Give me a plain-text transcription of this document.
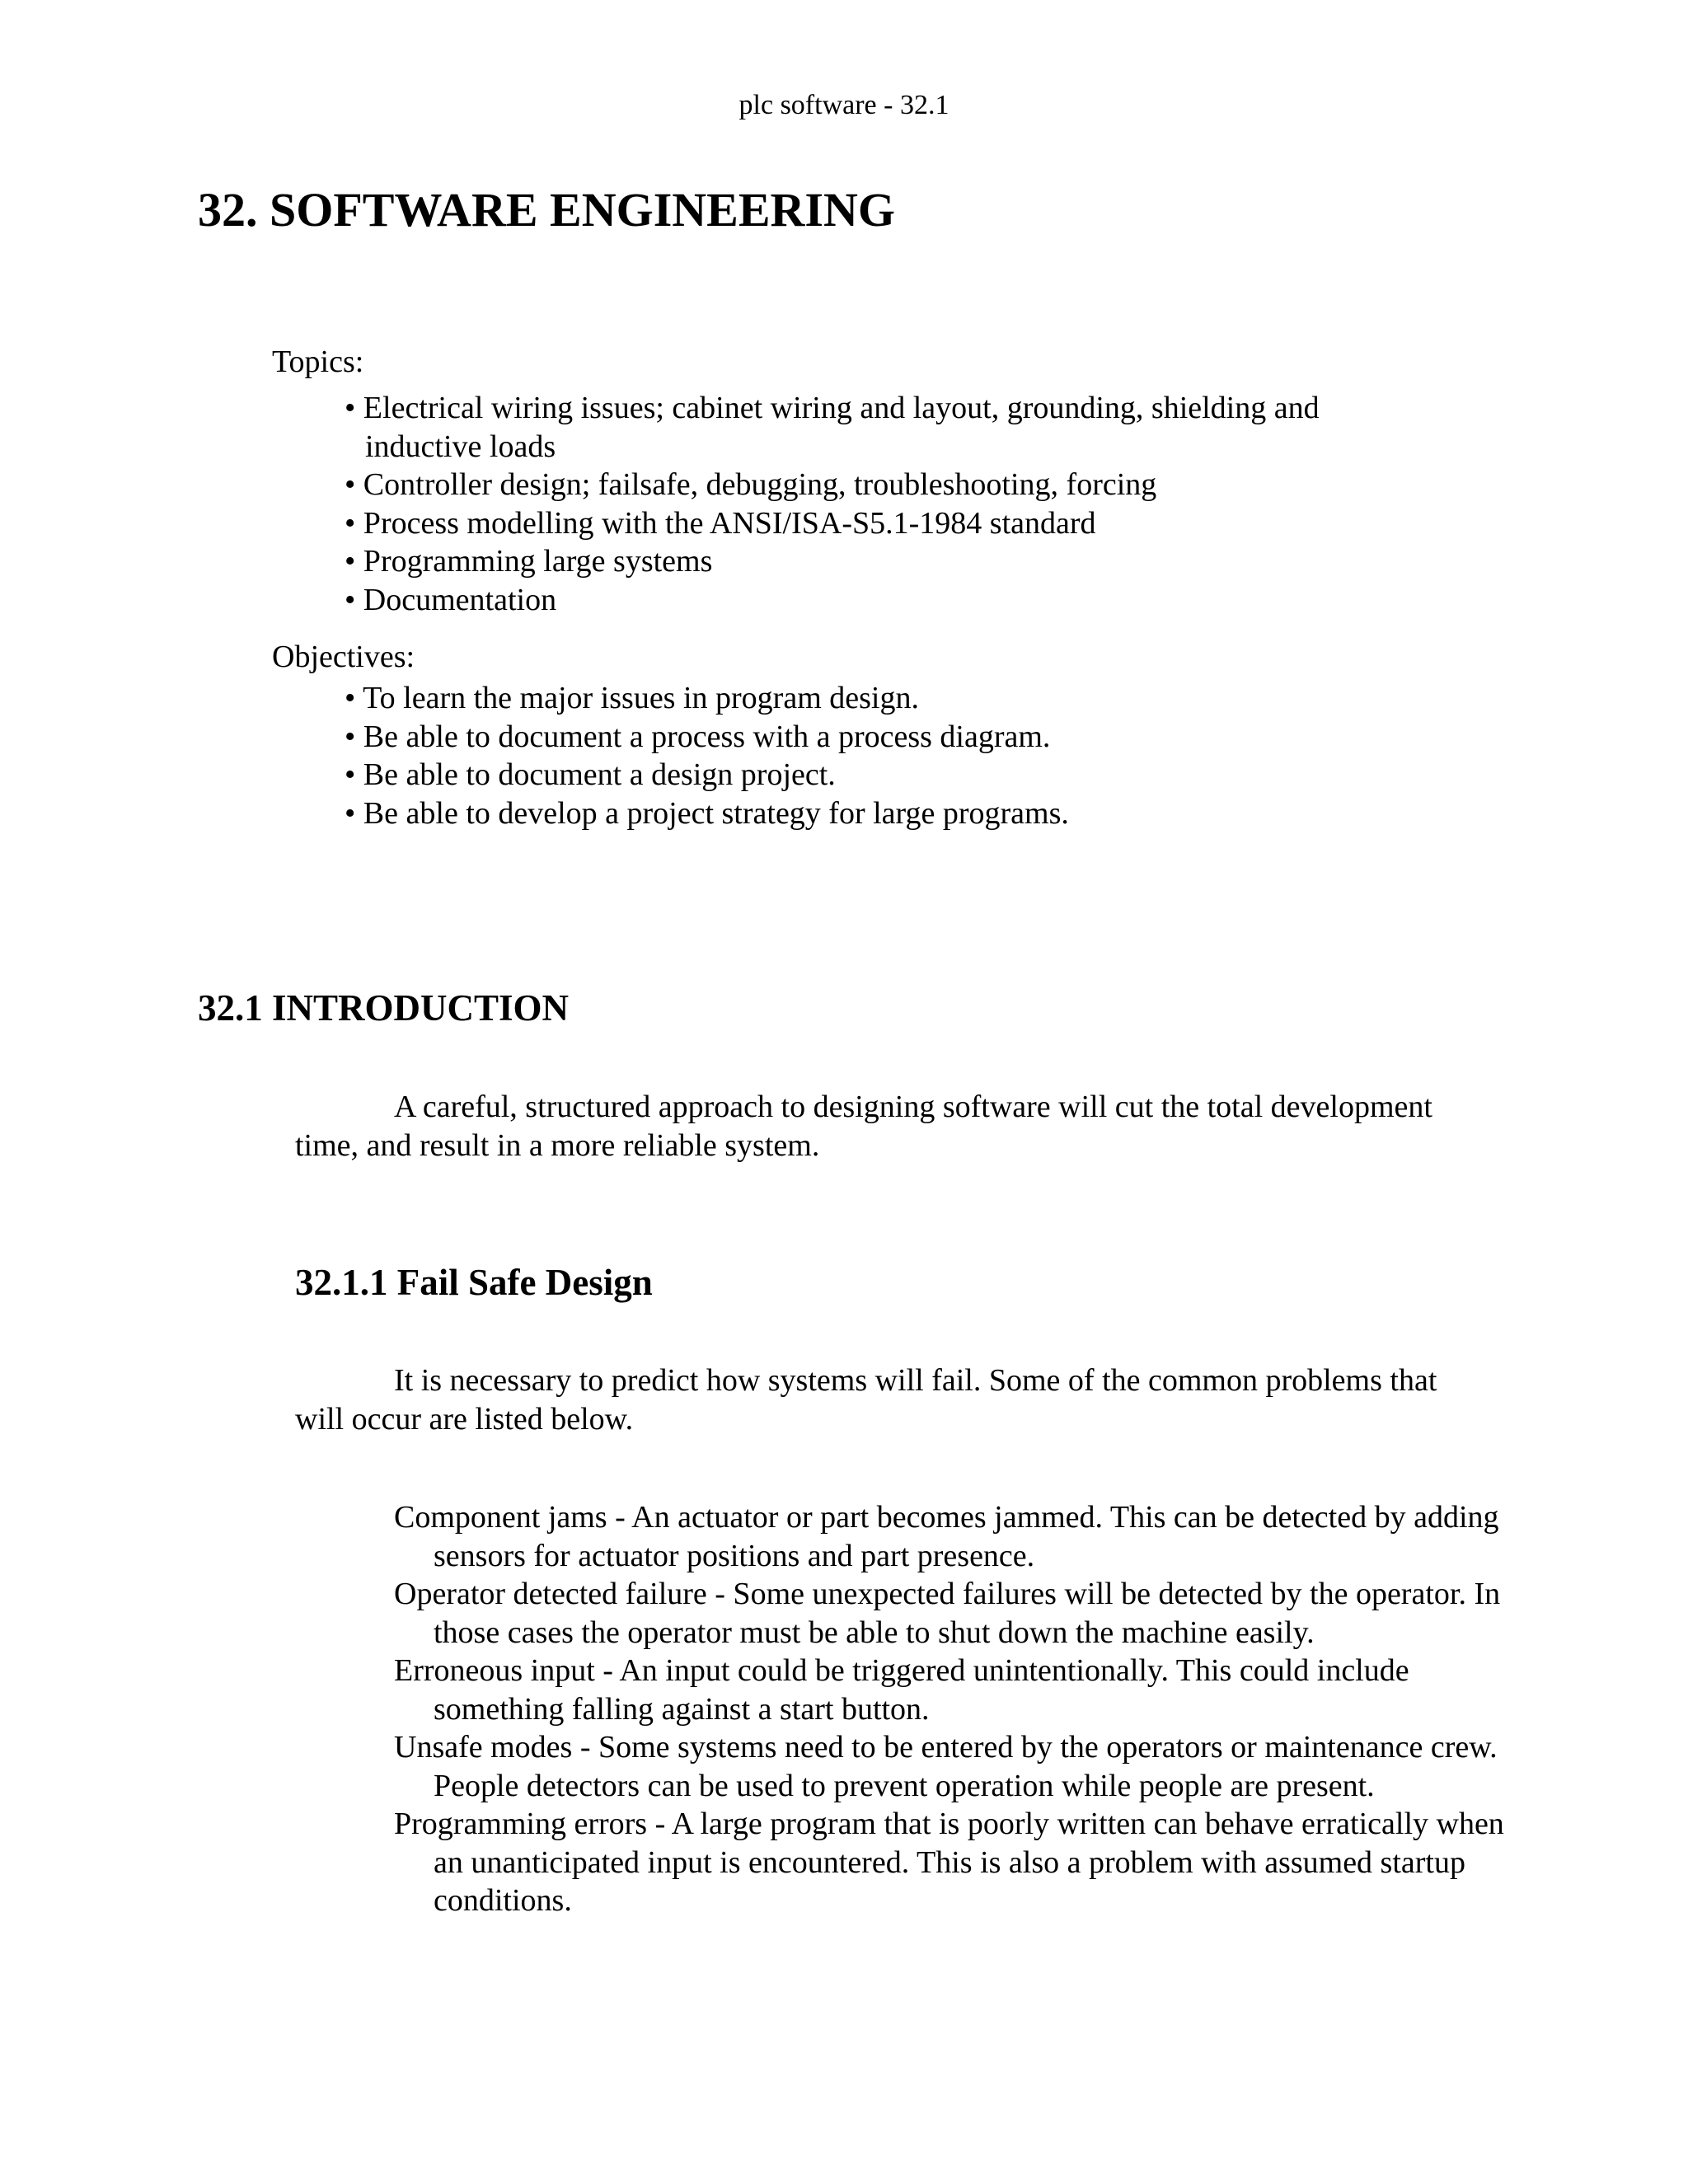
plc software - 32.1
32. SOFTWARE ENGINEERING

Topics:

• Electrical wiring issues; cabinet wiring and layout, grounding, shielding and inductive loads
• Controller design; failsafe, debugging, troubleshooting, forcing
• Process modelling with the ANSI/ISA-S5.1-1984 standard
• Programming large systems
• Documentation

Objectives:

• To learn the major issues in program design.
• Be able to document a process with a process diagram.
• Be able to document a design project.
• Be able to develop a project strategy for large programs.
32.1 INTRODUCTION

A careful, structured approach to designing software will cut the total development time, and result in a more reliable system.

32.1.1 Fail Safe Design

It is necessary to predict how systems will fail. Some of the common problems that will occur are listed below.

Component jams - An actuator or part becomes jammed. This can be detected by adding sensors for actuator positions and part presence.
Operator detected failure - Some unexpected failures will be detected by the operator. In those cases the operator must be able to shut down the machine easily.
Erroneous input - An input could be triggered unintentionally. This could include something falling against a start button.
Unsafe modes - Some systems need to be entered by the operators or maintenance crew. People detectors can be used to prevent operation while people are present.
Programming errors - A large program that is poorly written can behave erratically when an unanticipated input is encountered. This is also a problem with assumed startup conditions.
